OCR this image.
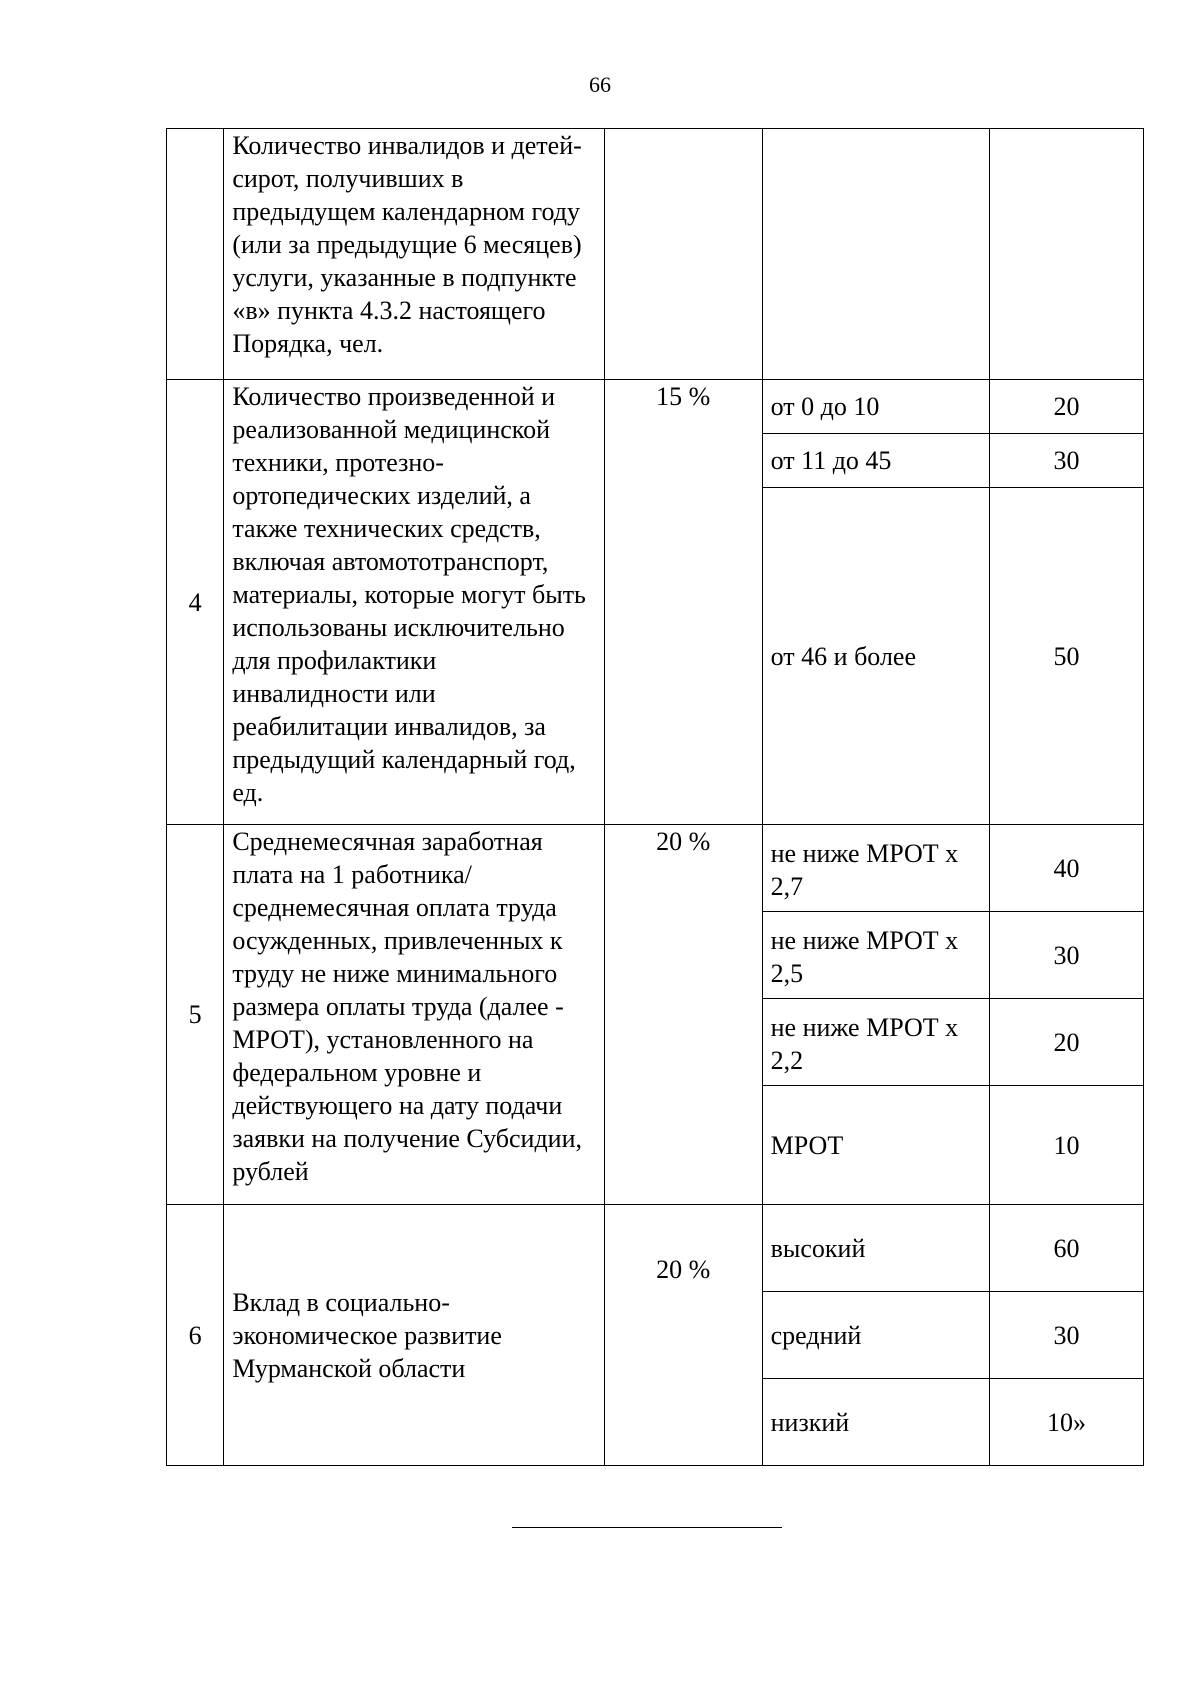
66
	Количество инвалидов и детей-сирот, получивших в предыдущем календарном году (или за предыдущие 6 месяцев) услуги, указанные в подпункте «в» пункта 4.3.2 настоящего Порядка, чел.			
4	Количество произведенной и реализованной медицинской техники, протезно-ортопедических изделий, а также технических средств, включая автомототранспорт, материалы, которые могут быть использованы исключительно для профилактики инвалидности или реабилитации инвалидов, за предыдущий календарный год, ед.	15 %	от 0 до 10	20
			от 11 до 45	30
			от 46 и более	50
5	Среднемесячная заработная плата на 1 работника/ среднемесячная оплата труда осужденных, привлеченных к труду не ниже минимального размера оплаты труда (далее - МРОТ), установленного на федеральном уровне и действующего на дату подачи заявки на получение Субсидии, рублей	20 %	не ниже МРОТ х 2,7	40
			не ниже МРОТ х 2,5	30
			не ниже МРОТ х 2,2	20
			МРОТ	10
6	Вклад в социально-экономическое развитие Мурманской области	20 %	высокий	60
			средний	30
			низкий	10»
